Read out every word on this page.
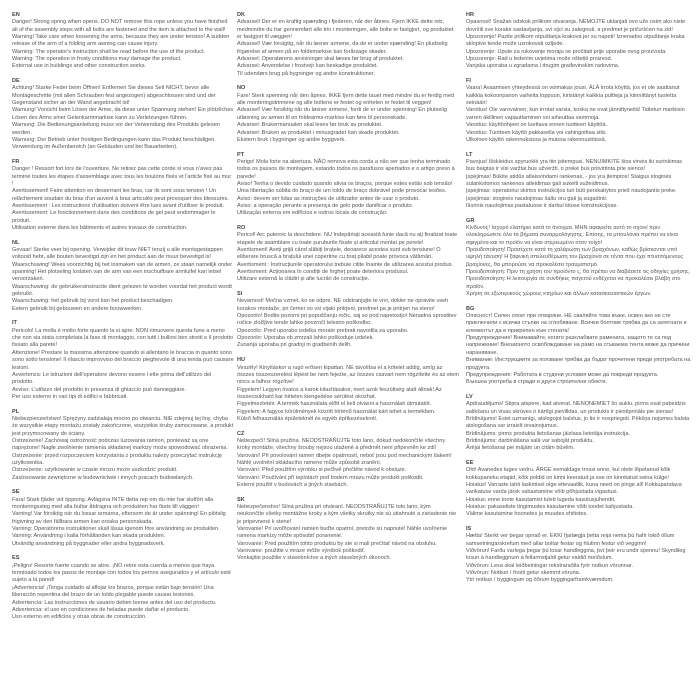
EN
Danger! Strong spring when opens. DO NOT remove this rope unless you have finished all of the assembly steps with all bolts are fastened and the item is attached to the wall!
Warning! Take care when loosening the arms, because they are under tension! A sudden release of the arm of a folding arm awning can cause injury.
Warning: The operator's instruction shall be read before the use of the product.
Warning: The operation in frosty conditions may damage the product.
External use in buildings and other construction works.
DE
Achtung! Starke Feder beim Öffnen! Entfernen Sie dieses Seil NICHT, bevor alle Montageschritte (mit allen Schrauben fest angezogen) abgeschlossen sind und der Gegenstand sicher an der Wand angebracht ist!
Warnung! Vorsicht beim Lösen der Arme, da diese unter Spannung stehen! Ein plötzliches Lösen des Arms einer Gelenkarmmarkise kann zu Verletzungen führen.
Warnung: Die Bedienungsanleitung muss vor der Verwendung des Produkts gelesen werden.
Warnung: Der Betrieb unter frostigen Bedingungen kann das Produkt beschädigen.
Verwendung im Außenbereich (an Gebäuden und bei Bauarbeiten).
FR
Danger ! Ressort fort lors de l'ouverture. Ne retirez pas cette corde si vous n'avez pas terminé toutes les étapes d'assemblage avec tous les boulons fixés et l'article fixé au mur !
Avertissement! Faire attention en desserrant les bras, car ils sont sous tension ! Un relâchement soudain du bras d'un auvent à bras articulés peut provoquer des blessures.
Avertissement : Les instructions d'utilisation doivent être lues avant d'utiliser le produit.
Avertissement: Le fonctionnement dans des conditions de gel peut endommager le produit.
Utilisation externe dans les bâtiments et autres travaux de construction.
NL
Gevaar! Sterke veer bij opening. Verwijder dit touw NIET tenzij u alle montagestappen voltooid hebt, alle bouten bevestigd zijn en het product aan de muur bevestigd is!
Waarschuwing! Wees voorzichtig bij het losmaken van de armen, ze staan namelijk onder spanning! Het plotseling loslaten van de arm van een inschuifbare armluifel kan letsel veroorzaken.
Waarschuwing: de gebruikersinstructie dient gelezen te worden voordat het product wordt gebruikt.
Waarschuwing: het gebruik bij vorst kan het product beschadigen.
Extern gebruik bij gebouwen en andere bouwwerken.
IT
Pericolo! La molla è molto forte quando la si apre. NON rimuovere questa fune a meno che non sia stata completata la fase di montaggio, con tutti i bulloni ben stretti e il prodotto fissato alla parete!
Attenzione! Prestare la massima attenzione quando si allentano le braccia in quanto sono sono sotto tensione! Il rilascio improvviso del braccio pieghevole di una tenda può causare lesioni.
Avvertenza: Le istruzioni dell'operatore devono essere l ette prima dell'utilizzo del prodotto.
Avviso: L'utilizzo del prodotto in presenza di ghiaccio può danneggiare.
Per uso esterno in vari tipi di edifici e fabbricati.
PL
Niebezpieczeństwo! Sprężyny zadziałają mocno po otwarciu. NIE zdejmuj tej liny, chyba że wszystkie etapy montażu zostały zakończone, wszystkie śruby zamocowane, a produkt jest przymocowany do ściany.
Ostrzeżenie! Zachowaj ostrożność podczas luzowania ramion, ponieważ są one naprężone! Nagłe zwolnienie ramienia składanej markizy może spowodować obrażenia.
Ostrzeżenie: przed rozpoczęciem korzystania z produktu należy przeczytać instrukcję użytkownika.
Ostrzeżenie: użytkowanie w czasie mrozu może uszkodzić produkt.
Zastosowanie zewnętrzne w budownictwie i innych pracach budowlanych.
SE
Fara! Stark fjäder vid öppning. Avlägsna INTE detta rep om du inte har slutfört alla monteringssteg med alla bultar åtdragna och produkten har fästs till väggen!
Varning! Var försiktig när du lossar armarna, eftersom de är under spänning! En plötslig frigivning av den fällbara armen kan orsaka personskada.
Varning: Operatörens instruktioner skall läsas igenom före användning av produkten.
Varning: Användning i kalla förhållanden kan skada produkten.
Utvändig användning på byggnader eller andra byggnadsverk.
ES
¡Peligro! Resorte fuerte cuando se abre. ¡NO retire esta cuerda a menos que haya terminado todos los pasos de montaje con todos los pernos asegurados y el artículo esté sujeto a la pared!
¡Advertencia! ¡Tenga cuidado al aflojar los brazos, porque están bajo tensión! Una liberación repentina del brazo de un toldo plegable puede causar lesiones.
Advertencia: Las instrucciones de usuario deben leerse antes del uso del producto.
Advertencia: el uso en condiciones de heladas puede dañar el producto.
Uso externo en edificios y otras obras de construcción.
DK
Advarsel! Der er en kraftig spænding i fjederen, når der åbnes. Fjern IKKE dette reb, medmindre du har gennemført alle trin i monteringen, alle bolte er fastgjort, og produktet er fastgjort til væggen!
Advarsel! Vær forsigtig, når du løsner armene, da de er under spænding! En pludselig frigørelse af armen på en foldemarkise kan forårsage skader.
Advarsel: Operatørens anvisninger skal læses før brug af produktet.
Advarsel: Anvendelse i frostvejr kan beskadige produktet.
Til udendørs brug på bygninger og andre konstruktioner.
NO
Fare! Sterk spenning når den åpnes. IKKE fjern dette tauet med mindre du er ferdig med alle monteringstrinnene og alle boltene er festet og enheten er festet til veggen!
Advarsel! Vær forsiktig når du løsner armene, fordi de er under spenning! En plutselig utløsning av armen til en foldearms-markise kan føre til personskade.
Advarsel: Brukermanualen skal leses før bruk av produktet.
Advarsel: Bruken av produktet i minusgrader kan skade produktet.
Ekstern bruk i bygninger og andre byggverk.
PT
Perigo! Mola forte na abertura. NÃO remova esta corda a não ser que tenha terminado todos os passos de montagem, estando todos os parafusos apertados e o artigo preso à parede!
Aviso! Tenha o devido cuidado quando alivia os braços, porque estes estão sob tensão! Uma libertação súbita do braço de um toldo de braço dobrável pode provocar lesões.
Aviso: devem ser lidas as instruções de utilizador antes de usar o produto.
Aviso: a operação perante a presença de gelo pode danificar o produto.
Utilização externa em edifícios e outros locais de construção.
RO
Pericol! Arc puternic la deschidere. NU îndepărtați această funie dacă nu ați finalizat toate etapele de asamblare cu toate șuruburile fixate și articolul montat pe perete!
Avertisment! Aveți grijă când slăbiți brațele, deoarece acestea sunt sub tensiune! O eliberare bruscă a brațului unei copertine cu braț pliabil poate provoca vătămări.
Avertisment : Instrucțiunile operatorului trebuie citite înainte de utilizarea acestui produs.
Avertisment: Acționarea în condiții de îngheț poate deteriora produsul.
Utilizare externă la clădiri și alte lucrări de construcție.
SI
Nevarnost! Močna vzmet, ko se odpre. NE odstranjujte te vrvi, dokler ne opravite vseh korakov montaže, pri čemer so vsi vijaki pritrjeni, predmet pa je pritrjen na steno!
Opozorilo! Bodite pozorni pri popuščanju ročic, saj so pod napetostjo! Nenadna sprostitev ročice zložljive tende lahko povzroči telesno poškodbo.
Opozorilo: Pred uporabo izdelka morate prebrati navodila za uporabo.
Opozorilo: Uporaba ob zmrzali lahko poškoduje izdelek.
Zunanja uporaba pri gradnji in gradbenih delih.
HU
Veszély! Kinyitáskor a rugó erősen kipattan. NE távolítsa el a kötelet addig, amíg az összes összeszerelési lépést be nem fejezte, az összes csavart nem rögzítette és az elem nincs a falhoz rögzítve!
Figyelem! Legyen óvatos a karok kilazításakor, mert azok feszültség alatt állnak! Az összecsukható kar hirtelen kiengedése sérülést okozhat.
Figyelmeztetés: A termék használata előtt el kell olvasni a használati útmutatót.
Figyelem: A fagyos körülmények között történő használat kárt tehet a termékben.
Külső felhasználás épületeknél és egyéb építkezéseknél.
CZ
Nebezpečí! Silná pružina. NEODSTRAŇUJTE toto lano, dokud nedokončíte všechny kroky montáže, všechny šrouby nejsou utažené a předmět není připevněn ke zdi!
Varování! Při povolování ramen dbejte opatrnosti, neboť jsou pod mechanickým tlakem! Náhlé uvolnění skládacího ramene může způsobit zranění.
Varování: Před použitím výrobku si pečlivě přečtěte návod k obsluze.
Varování: Používání při teplotách pod bodem mrazu může produkt poškodit.
Externí použití v budovách a jiných stavbách.
SK
Nebezpečenstvo! Silná pružina pri otváraní. NEODSTRAŇUJTE toto lano, kým neukončíte všetky montážne kroky a kým všetky skrutky nie sú utiahnuté a zariadenie nie je pripevnené k stene!
Varovanie! Pri uvoľňovaní ramien buďte opatrní, pretože sú napnuté! Náhle uvoľnenie ramena markízy môže spôsobiť poranenie.
Varovanie: Pred použitím tohto produktu by ste si mali prečítať návod na obsluhu.
Varovanie: použitie v mraze môže výrobok poškodiť.
Vonkajšie použitie v stavebníctve a iných stavebných úkonoch.
HR
Opasnost! Snažan odskok prilikom otvaranja. NEMOJTE uklanjati ovo uže osim ako niste dovršili sve korake sastavljanja, svi vijci su zategnuti, a predmet je pričvršćen na zid!
Upozorenje! Pazite prilikom otpuštanja krakova jer su napeti! Iznenadno otpuštanje kraka sklopive tende može uzrokovati ozljede.
Upozorenje: Upute za rukovanje moraju se pročitati prije uporabe ovog proizvoda.
Upozorenje: Rad u ledenim uvjetima može oštetiti proizvod.
Vanjska uporaba u zgradama i drugim građevinskim radovima.
FI
Vaara! Avaamisen yhteydessä on voimakas jousi. ÄLÄ irrota köyttä, jos et ole saattanut kaikkia kokoonpanon vaiheita loppuun, kiristänyt kaikkia pultteja ja kiinnittänyt tuotetta seinään!
Varoitus! Ole varovainen, kun irrotat varsia, koska ne ovat jännittyneitä! Taitetun markiisin varren äkillinen vapauttaminen voi aiheuttaa vammoja.
Varoitus: käyttöohjeet on luettava ennen tuotteen käyttöä.
Varoitus: Tuotteen käyttö pakkasella voi vahingoittaa sitä.
Ulkoinen käyttö rakennuksissa ja muissa rakennustöissä.
LT
Pavojus! Išskleidus spyruoklė yra itin įsitempusi. NENUIMKITE šios virvės iki surinkimas bus baigtas ir visi varžtai bus užveržti, o prekė bus pritvirtinta prie sienos!
Įspėjimas! Būkite atidūs atlaisvindami rankenas, - jos yra įtemptos! Staigus stoginės sulankstomos rankenos atleidimas gali sukelti sužeidimus.
Įspėjimas: operatoriui skirtos instrukcijos turi būti perskaitytos prieš naudojantis preke.
Įspėjimas: stoginės naudojimas šaltu oru gali ją sugadinti.
Išorinis naudojimas pastatuose ir darbui kitose konstrukcijose.
GR
Κίνδυνος! Ισχυρό ελατήριο κατά το άνοιγμα. ΜΗΝ αφαιρείτε αυτό το σχοινί πριν ολοκληρώσετε όλα τα βήματα συναρμολόγησης. Επίσης, τα μπουλόνια πρέπει να είναι σφιγμένα και το προϊόν να είναι στερεωμένο στον τοίχο!
Προειδοποίηση! Προσέχετε κατά τη χαλάρωση των βραχιόνων, καθώς βρίσκονται υπό υψηλή τάνυση! Η ξαφνική απελευθέρωση του βραχίονα σε τέντα που έχει πτυσσόμενους βραχίονες, θα μπορούσε να προκαλέσει τραυματισμό.
Προειδοποίηση: Πριν τη χρήση του προϊόντο ς, θα πρέπει να διαβάσετε τις οδηγίες χρήσης.
Προειδοποίηση: Η λειτουργία σε συνθήκες παγετού ενδέχεται να προκαλέσει βλάβη στο προϊόν.
Χρήση σε εξωτερικούς χώρους κτηρίων και άλλων κατασκευαστικών έργων.
BG
Опасност! Силен откат при отваряне. НЕ сваляйте това въже, освен ако не сте приключили с всички стъпки на сглобяване. Всички болтове трябва да са затегнати и елементът да е прикрепен към стената!
Предупреждение! Внимавайте, когато разхлабвате рамената, защото те са под напрежение! Внезапното освобождаване на рамо на сгъваема тента може да причини нараняване.
Внимание: Инструкциите за ползване трябва да бъдат прочетени преди употребата на продукта.
Предупреждение: Работата в студени условия може да повреди продукта.
Външна употреба в сгради и други строителни обекти.
LV
Apdraudējums! Stipra atspere, kad atverat. NENONEMIET šo auklu, pirms esat pabeidzis salikšanu un visas skrūves ir kārtīgi pievilktas, un produkts ir piestiprināts pie sienas!
Brīdinājums! Esiet uzmanīgi, atslogojot balstus, jo tie ir nospriegoti. Pēkšņa nojumes balsta atslogošana var izraisīt ievainojumus.
Brīdinājums: pirms produkta lietošanas jāizlasa lietotāja instrukcija.
Brīdinājums: darbināšana salā var sabojāt produktu.
Ārējai lietošanai pie mājām un citām būvēm.
EE
Oht! Avanedes tugev vedru. ÄRGE eemaldage trossi enne, kui olete lõpetanud kõik kokkupaneku etapid, kõik poldid on kinni keeratud ja ese on kinnitatud seina külge!
Hoiatus! Varraste lahti laskmisel olge ettevaatlik, kuna need on pinge all! Kokkupandava varikatuse varda järsk vabastamine võib põhjustada vigastusi.
Hoiatus: enne toote kasutamist tuleb lugeda kasutusjuhendit.
Hoiatus: pakaseliste tingimustes kasutamine võib toodet kahjustada.
Välime kasutamine hoonetes ja muudes ehitistes.
IS
Hætta! Sterkt ver þegar opnað er. EKKI fjarlægja þetta reipi nema þú hafir lokið öllum samsetningarskrefum með allar boltar festar og hlutinn festur við vegginn!
Viðvörun! Farðu varlega þegar þú losar handleggina, því þeir eru undir spennu! Skyndileg losun á handleggnum á fellarmstjaldi getur valdið meiðslum.
Viðvörun: Lesa skal leiðbeiningar rekstraraðila fyrir notkun vörunnar.
Viðvörun: Notkun í frosti getur skemmt vöruna.
Ytri notkun í byggingum og öðrum byggingarframkvæmdum.
